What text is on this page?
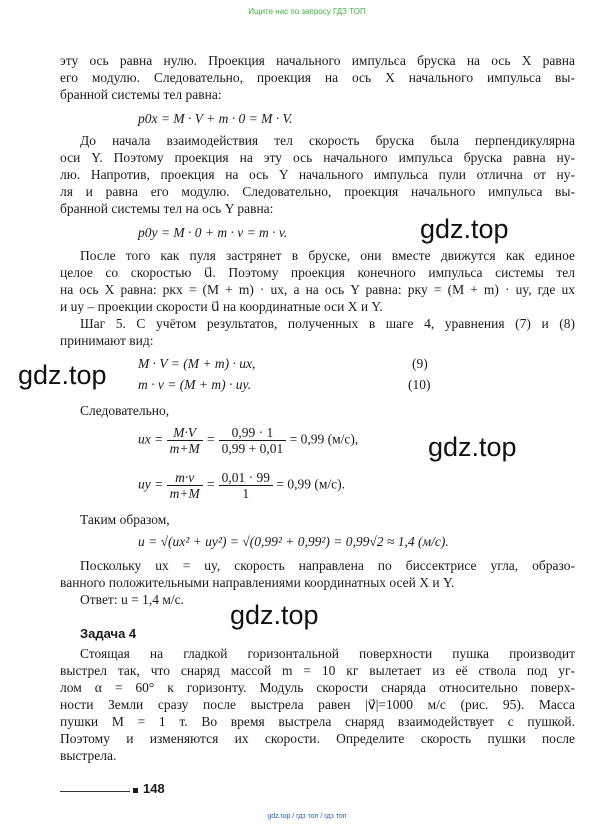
Ищите нас по запросу ГДЗ ТОП
эту ось равна нулю. Проекция начального импульса бруска на ось X равна
его модулю. Следовательно, проекция на ось X начального импульса вы-
бранной системы тел равна:
p0x = M · V + m · 0 = M · V.
До начала взаимодействия тел скорость бруска была перпендикулярна
оси Y. Поэтому проекция на эту ось начального импульса бруска равна ну-
лю. Напротив, проекция на ось Y начального импульса пули отлична от ну-
ля и равна его модулю. Следовательно, проекция начального импульса вы-
бранной системы тел на ось Y равна:
p0y = M · 0 + m · v = m · v.
После того как пуля застрянет в бруске, они вместе движутся как единое
целое со скоростью u⃗. Поэтому проекция конечного импульса системы тел
на ось X равна: pкx = (M + m) · ux, а на ось Y равна: pкy = (M + m) · uy, где ux
и uy – проекции скорости u⃗ на координатные оси X и Y.
Шаг 5. С учётом результатов, полученных в шаге 4, уравнения (7) и (8)
принимают вид:
M · V = (M + m) · ux,	(9)
m · v = (M + m) · uy.	(10)
Следовательно,
ux = $\frac{M\cdot V}{m+M} = \frac{0,99 \cdot 1}{0,99 + 0,01} = 0,99$ (м/с),
uy = $\frac{m\cdot v}{m+M} = \frac{0,01 \cdot 99}{1} = 0,99$ (м/с).
Таким образом,
u = √(ux² + uy²) = √(0,99² + 0,99²) = 0,99√2 ≈ 1,4 (м/с).
Поскольку ux = uy, скорость направлена по биссектрисе угла, образо-
ванного положительными направлениями координатных осей X и Y.
Ответ: u = 1,4 м/с.
Задача 4
Стоящая на гладкой горизонтальной поверхности пушка производит
выстрел так, что снаряд массой m = 10 кг вылетает из её ствола под уг-
лом α = 60° к горизонту. Модуль скорости снаряда относительно поверх-
ности Земли сразу после выстрела равен |v⃗|=1000 м/с (рис. 95). Масса
пушки M = 1 т. Во время выстрела снаряд взаимодействует с пушкой.
Поэтому и изменяются их скорости. Определите скорость пушки после
выстрела.
gdz.top
gdz.top
gdz.top
gdz.top
148
gdz.top / гдз топ / гдз топ
